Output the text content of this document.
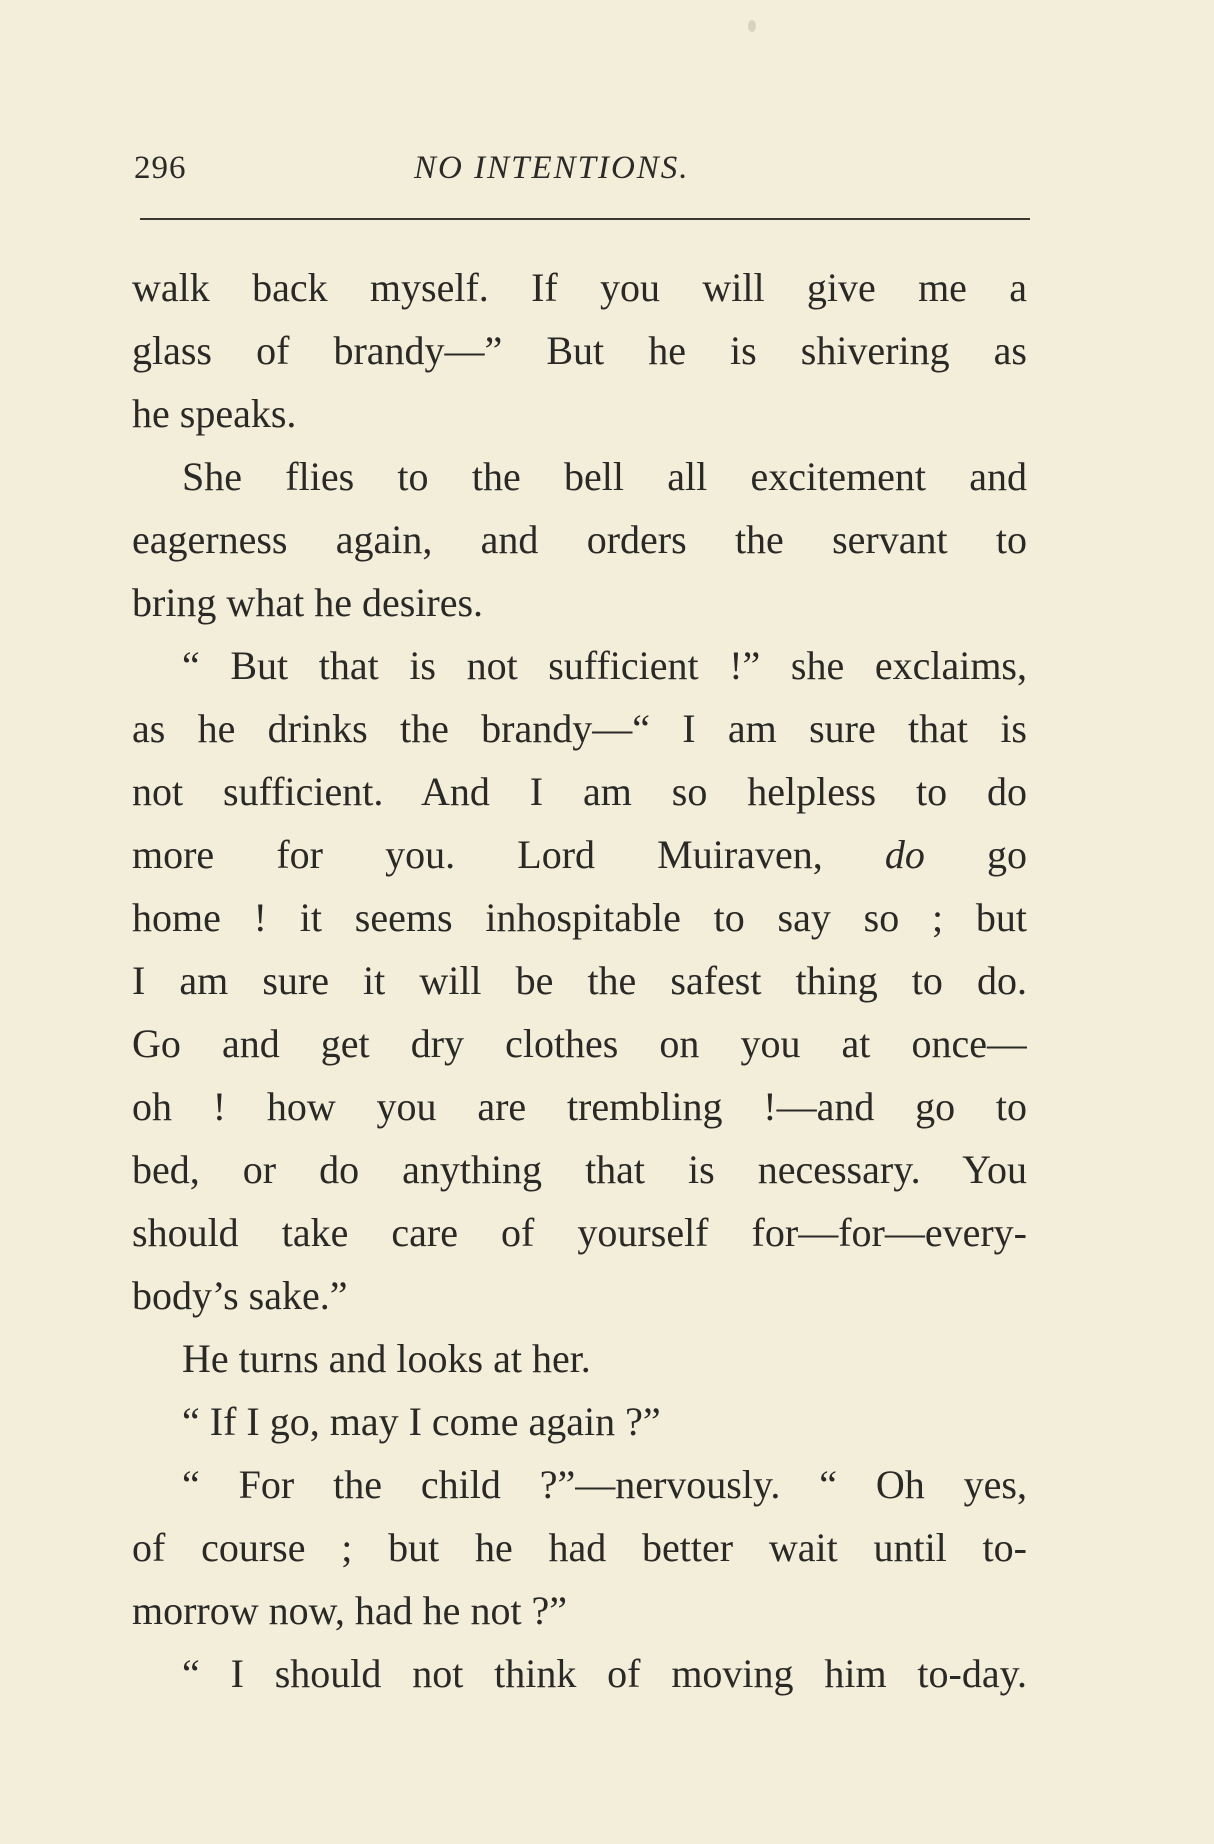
296	NO INTENTIONS.
walk back myself. If you will give me a
glass of brandy—” But he is shivering as
he speaks.
She flies to the bell all excitement and
eagerness again, and orders the servant to
bring what he desires.
“ But that is not sufficient !” she exclaims,
as he drinks the brandy—“ I am sure that is
not sufficient. And I am so helpless to do
more for you. Lord Muiraven, do go
home ! it seems inhospitable to say so ; but
I am sure it will be the safest thing to do.
Go and get dry clothes on you at once—
oh ! how you are trembling !—and go to
bed, or do anything that is necessary. You
should take care of yourself for—for—every-
body’s sake.”
He turns and looks at her.
“ If I go, may I come again ?”
“ For the child ?”—nervously. “ Oh yes,
of course ; but he had better wait until to-
morrow now, had he not ?”
“ I should not think of moving him to-day.
